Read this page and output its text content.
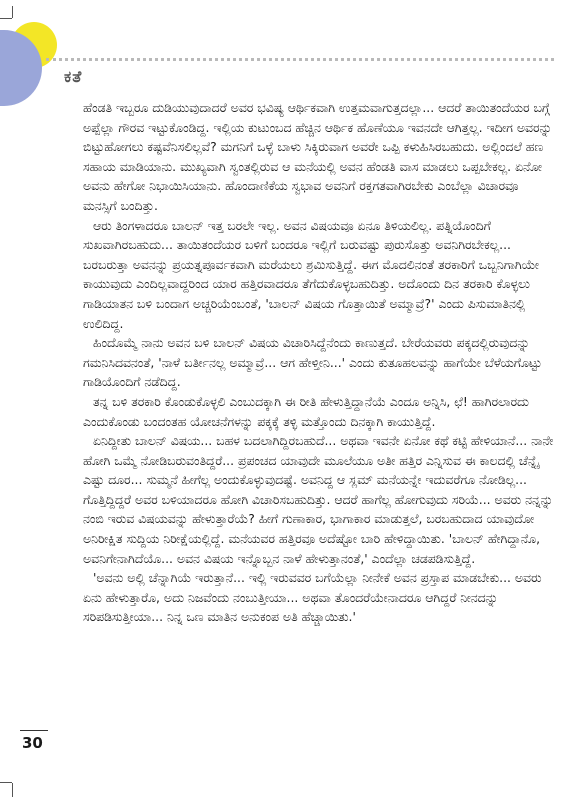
ಕತೆ

ಹೆಂಡತಿ ಇಬ್ಬರೂ ದುಡಿಯುವುದಾದರೆ ಅವರ ಭವಿಷ್ಯ ಆರ್ಥಿಕವಾಗಿ ಉತ್ತಮವಾಗುತ್ತದಲ್ಲಾ... ಆದರೆ ತಾಯಿತಂದೆಯರ ಬಗ್ಗೆ ಅಪ್ಪೆಲ್ಲಾ ಗೌರವ ಇಟ್ಟುಕೊಂಡಿದ್ದ. ಇಲ್ಲಿಯ ಕುಟುಂಬದ ಹೆಚ್ಚಿನ ಆರ್ಥಿಕ ಹೊಣೆಯೂ ಇವನದೇ ಆಗಿತ್ತಲ್ಲ. ಇದೀಗ ಅವರನ್ನು ಬಿಟ್ಟುಹೋಗಲು ಕಷ್ಟವೆನಿಸಲಿಲ್ಲವೆ? ಮಗನಿಗೆ ಒಳ್ಳೆ ಬಾಳು ಸಿಕ್ಕಿರುವಾಗ ಅವರೇ ಒಪ್ಪಿ ಕಳುಹಿಸಿರಬಹುದು. ಅಲ್ಲಿಂದಲೆ ಹಣ ಸಹಾಯ ಮಾಡಿಯಾನು. ಮುಖ್ಯವಾಗಿ ಸ್ವಂತಲ್ಲಿರುವ ಆ ಮನೆಯಲ್ಲಿ ಅವನ ಹೆಂಡತಿ ವಾಸ ಮಾಡಲು ಒಪ್ಪಬೇಕಲ್ಲ. ಏನೋ ಅವನು ಹೇಗೋ ನಿಭಾಯಿಸಿಯಾನು. ಹೊಂದಾಣಿಕೆಯ ಸ್ವಭಾವ ಅವನಿಗೆ ರಕ್ತಗತವಾಗಿರಬೇಕು ಎಂಬೆಲ್ಲಾ ವಿಚಾರವೂ ಮನಸ್ಸಿಗೆ ಬಂದಿತ್ತು.

ಆರು ತಿಂಗಳಾದರೂ ಬಾಲನ್ ಇತ್ತ ಬರಲೇ ಇಲ್ಲ. ಅವನ ವಿಷಯವೂ ಏನೂ ತಿಳಿಯಲಿಲ್ಲ. ಪತ್ನಿಯೊಂದಿಗೆ ಸುಖವಾಗಿರಬಹುದು... ತಾಯಿತಂದೆಯರ ಬಳಿಗೆ ಬಂದರೂ ಇಲ್ಲಿಗೆ ಬರುವಷ್ಟು ಪುರುಸೊತ್ತು ಅವನಿಗಿರಬೇಕಲ್ಲ... ಬರಬರುತ್ತಾ ಅವನನ್ನು ಪ್ರಯತ್ನಪೂರ್ವಕವಾಗಿ ಮರೆಯಲು ಶ್ರಮಿಸುತ್ತಿದ್ದೆ. ಈಗ ಮೊದಲಿನಂತೆ ತರಕಾರಿಗೆ ಒಬ್ಬನಿಗಾಗಿಯೇ ಕಾಯುವುದು ಎಂದಿಲ್ಲವಾದ್ದರಿಂದ ಯಾರ ಹತ್ತಿರವಾದರೂ ತೆಗೆದುಕೊಳ್ಳಬಹುದಿತ್ತು. ಅದೊಂದು ದಿನ ತರಕಾರಿ ಕೊಳ್ಳಲು ಗಾಡಿಯಾತನ ಬಳಿ ಬಂದಾಗ ಅಚ್ಚರಿಯೆಂಬಂತೆ, 'ಬಾಲನ್ ವಿಷಯ ಗೊತ್ತಾಯಿತೆ ಅಮ್ಮಾವ್ರೆ?' ಎಂದು ಪಿಸುಮಾತಿನಲ್ಲಿ ಉಲಿದಿದ್ದ.

ಹಿಂದೊಮ್ಮೆ ನಾನು ಅವನ ಬಳಿ ಬಾಲನ್ ವಿಷಯ ವಿಚಾರಿಸಿದ್ದೆನೆಂದು ಕಾಣುತ್ತದೆ. ಬೇರೆಯವರು ಪಕ್ಕದಲ್ಲಿರುವುದನ್ನು ಗಮನಿಸಿದವನಂತೆ, 'ನಾಳೆ ಬರ್ತೀನಲ್ಲ ಅಮ್ಮಾವ್ರೆ... ಆಗ ಹೇಳ್ತೀನಿ...' ಎಂದು ಕುತೂಹಲವನ್ನು ಹಾಗೆಯೇ ಬೆಳೆಯಗೊಟ್ಟು ಗಾಡಿಯೊಂದಿಗೆ ನಡೆದಿದ್ದ.

ತನ್ನ ಬಳಿ ತರಕಾರಿ ಕೊಂಡುಕೊಳ್ಳಲಿ ಎಂಬುದಕ್ಕಾಗಿ ಈ ರೀತಿ ಹೇಳುತ್ತಿದ್ದಾನೆಯೆ ಎಂದೂ ಅನ್ನಿಸಿ, ಛೆ! ಹಾಗಿರಲಾರದು ಎಂದುಕೊಂಡು ಬಂದಂತಹ ಯೋಚನೆಗಳನ್ನು ಪಕ್ಕಕ್ಕೆ ತಳ್ಳಿ ಮತ್ತೊಂದು ದಿನಕ್ಕಾಗಿ ಕಾಯುತ್ತಿದ್ದೆ.

ಏನಿದ್ದೀತು ಬಾಲನ್ ವಿಷಯ... ಬಹಳ ಬದಲಾಗಿದ್ದಿರಬಹುದೆ... ಅಥವಾ ಇವನೇ ಏನೋ ಕಥೆ ಕಟ್ಟಿ ಹೇಳಿಯಾನೆ... ನಾನೇ ಹೋಗಿ ಒಮ್ಮೆ ನೋಡಿಬರುವಂತಿದ್ದರೆ... ಪ್ರಪಂಚದ ಯಾವುದೇ ಮೂಲೆಯೂ ಅತೀ ಹತ್ತಿರ ಎನ್ನಿಸುವ ಈ ಕಾಲದಲ್ಲಿ ಚೆನ್ನೈ ಎಷ್ಟು ದೂರ... ಸುಮ್ಮನೆ ಹೀಗೆಲ್ಲ ಅಂದುಕೊಳ್ಳುವುದಷ್ಟೆ. ಅವನಿದ್ದ ಆ ಸ್ಲಮ್ ಮನೆಯನ್ನೇ ಇದುವರೆಗೂ ನೋಡಿಲ್ಲ... ಗೊತ್ತಿದ್ದಿದ್ದರೆ ಅವರ ಬಳಿಯಾದರೂ ಹೋಗಿ ವಿಚಾರಿಸಬಹುದಿತ್ತು. ಆದರೆ ಹಾಗೆಲ್ಲ ಹೋಗುವುದು ಸರಿಯೆ... ಅವರು ನನ್ನನ್ನು ನಂಬಿ ಇರುವ ವಿಷಯವನ್ನು ಹೇಳುತ್ತಾರೆಯೆ? ಹೀಗೆ ಗುಣಾಕಾರ, ಭಾಗಾಕಾರ ಮಾಡುತ್ತಲೆ, ಬರಬಹುದಾದ ಯಾವುದೋ ಅನಿರೀಕ್ಷಿತ ಸುದ್ದಿಯ ನಿರೀಕ್ಷೆಯಲ್ಲಿದ್ದೆ. ಮನೆಯವರ ಹತ್ತಿರವೂ ಅದೆಷ್ಟೋ ಬಾರಿ ಹೇಳಿದ್ದಾಯಿತು. 'ಬಾಲನ್ ಹೇಗಿದ್ದಾನೊ, ಅವನಿಗೇನಾಗಿದೆಯೊ... ಅವನ ವಿಷಯ ಇನ್ನೊಬ್ಬನ ನಾಳೆ ಹೇಳುತ್ತಾನಂತೆ,' ಎಂದೆಲ್ಲಾ ಚಡಪಡಿಸುತ್ತಿದ್ದೆ.

'ಅವನು ಅಲ್ಲಿ ಚೆನ್ನಾಗಿಯೆ ಇರುತ್ತಾನೆ... ಇಲ್ಲಿ ಇರುವವರ ಬಗೆಯೆಲ್ಲಾ ನೀನೇಕೆ ಅವನ ಪ್ರಸ್ತಾಪ ಮಾಡಬೇಕು... ಅವರು ಏನು ಹೇಳುತ್ತಾರೊ, ಅದು ನಿಜವೆಂದು ನಂಬುತ್ತೀಯಾ... ಅಥವಾ ತೊಂದರೆಯೇನಾದರೂ ಆಗಿದ್ದರೆ ನೀನದನ್ನು ಸರಿಪಡಿಸುತ್ತೀಯಾ... ನಿನ್ನ ಒಣ ಮಾತಿನ ಅನುಕಂಪ ಅತಿ ಹೆಚ್ಚಾಯಿತು.'

30
